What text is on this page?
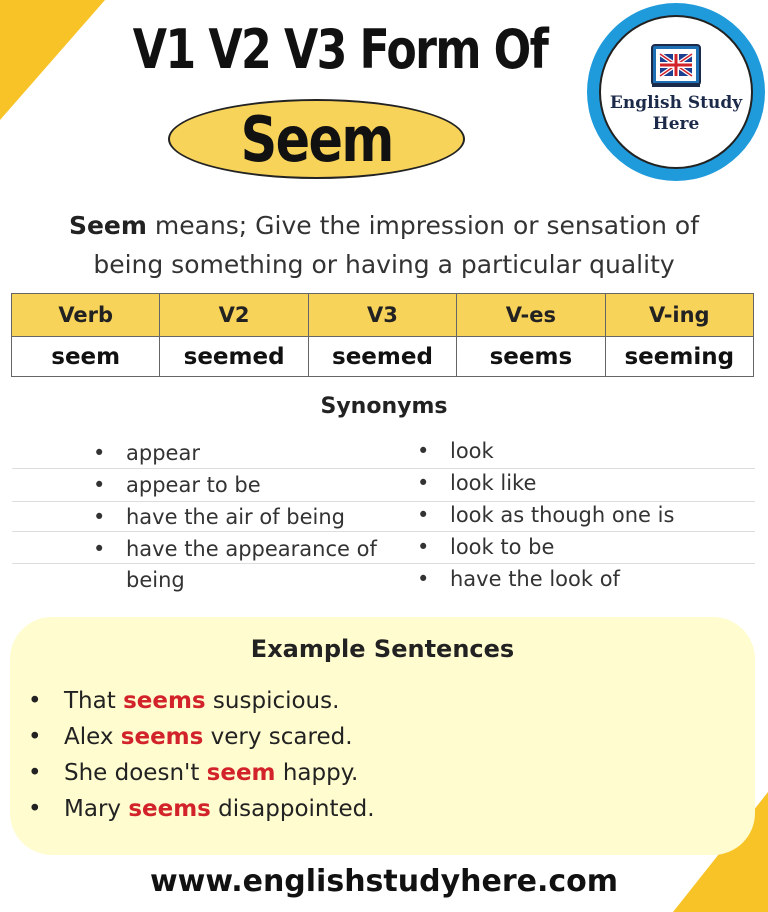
V1 V2 V3 Form Of
Seem	English Study
Here
Seem means; Give the impression or sensation of
being something or having a particular quality
Verb	V2	V3	V-es	V-ing
seem	seemed	seemed	seems	seeming
Synonyms
• appear
• appear to be
• have the air of being
• have the appearance of
being
• look
• look like
• look as though one is
• look to be
• have the look of
Example Sentences
• That seems suspicious.
• Alex seems very scared.
• She doesn't seem happy.
• Mary seems disappointed.
www.englishstudyhere.com
